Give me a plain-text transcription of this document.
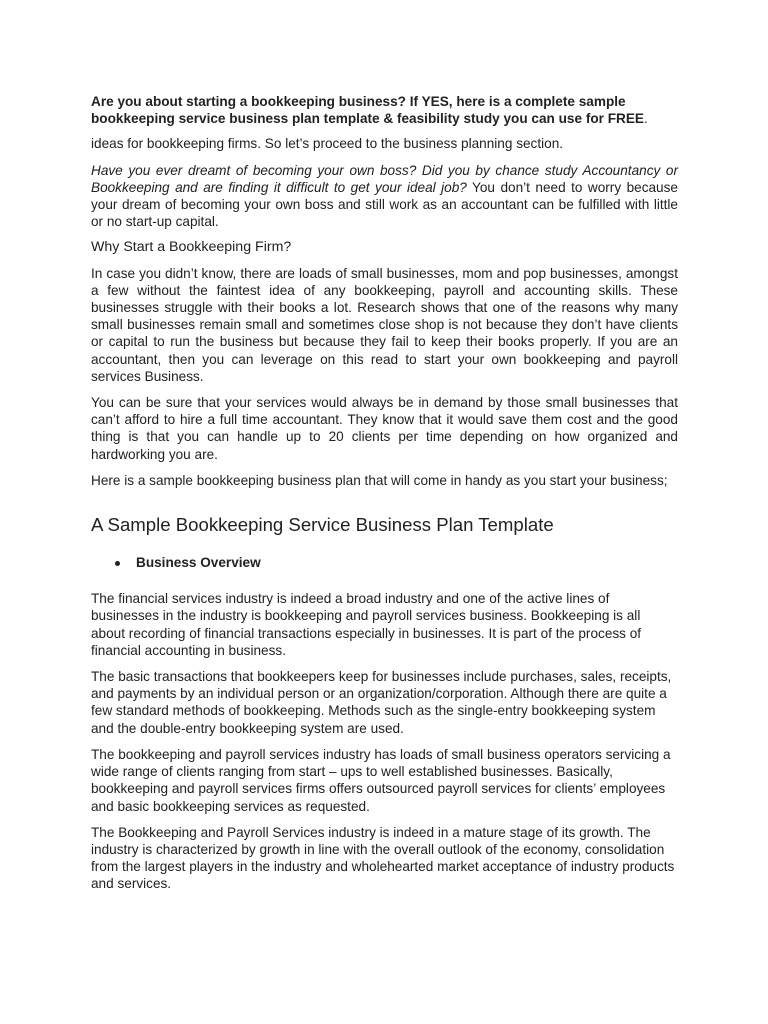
Are you about starting a bookkeeping business? If YES, here is a complete sample bookkeeping service business plan template & feasibility study you can use for FREE.

ideas for bookkeeping firms. So let’s proceed to the business planning section.

Have you ever dreamt of becoming your own boss? Did you by chance study Accountancy or Bookkeeping and are finding it difficult to get your ideal job? You don’t need to worry because your dream of becoming your own boss and still work as an accountant can be fulfilled with little or no start-up capital.

Why Start a Bookkeeping Firm?

In case you didn’t know, there are loads of small businesses, mom and pop businesses, amongst a few without the faintest idea of any bookkeeping, payroll and accounting skills. These businesses struggle with their books a lot. Research shows that one of the reasons why many small businesses remain small and sometimes close shop is not because they don’t have clients or capital to run the business but because they fail to keep their books properly. If you are an accountant, then you can leverage on this read to start your own bookkeeping and payroll services Business.

You can be sure that your services would always be in demand by those small businesses that can’t afford to hire a full time accountant. They know that it would save them cost and the good thing is that you can handle up to 20 clients per time depending on how organized and hardworking you are.

Here is a sample bookkeeping business plan that will come in handy as you start your business;

A Sample Bookkeeping Service Business Plan Template
Business Overview

The financial services industry is indeed a broad industry and one of the active lines of businesses in the industry is bookkeeping and payroll services business. Bookkeeping is all about recording of financial transactions especially in businesses. It is part of the process of financial accounting in business.

The basic transactions that bookkeepers keep for businesses include purchases, sales, receipts, and payments by an individual person or an organization/corporation. Although there are quite a few standard methods of bookkeeping. Methods such as the single-entry bookkeeping system and the double-entry bookkeeping system are used.

The bookkeeping and payroll services industry has loads of small business operators servicing a wide range of clients ranging from start – ups to well established businesses. Basically, bookkeeping and payroll services firms offers outsourced payroll services for clients’ employees and basic bookkeeping services as requested.

The Bookkeeping and Payroll Services industry is indeed in a mature stage of its growth. The industry is characterized by growth in line with the overall outlook of the economy, consolidation from the largest players in the industry and wholehearted market acceptance of industry products and services.
